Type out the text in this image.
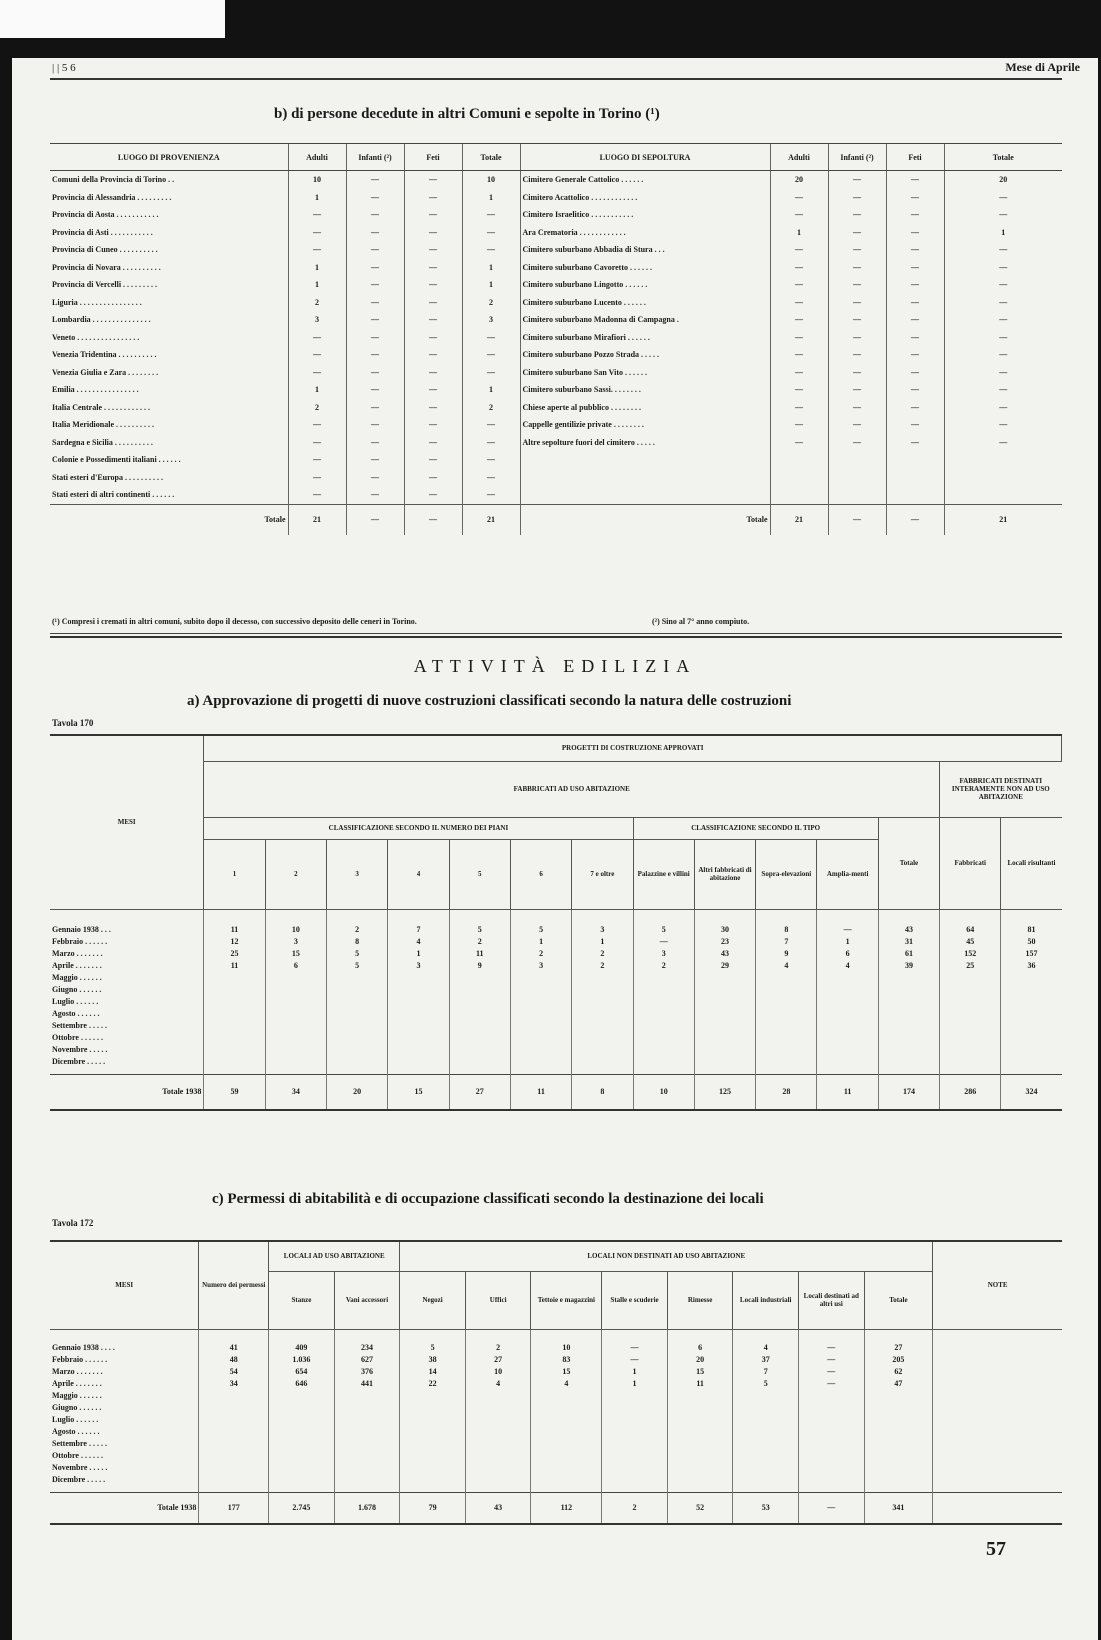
| | 5 6	Mese di Aprile
b) di persone decedute in altri Comuni e sepolte in Torino (¹)
LUOGO DI PROVENIENZA	Adulti	Infanti (²)	Feti	Totale	LUOGO DI SEPOLTURA	Adulti	Infanti (²)	Feti	Totale
Comuni della Provincia di Torino . .	10	—	—	10	Cimitero Generale Cattolico . . . . . .	20	—	—	20
Provincia di Alessandria . . . . . . . . .	1	—	—	1	Cimitero Acattolico . . . . . . . . . . . .	—	—	—	—
Provincia di Aosta . . . . . . . . . . .	—	—	—	—	Cimitero Israelitico . . . . . . . . . . .	—	—	—	—
Provincia di Asti . . . . . . . . . . .	—	—	—	—	Ara Crematoria . . . . . . . . . . . .	1	—	—	1
Provincia di Cuneo . . . . . . . . . .	—	—	—	—	Cimitero suburbano Abbadia di Stura . . .	—	—	—	—
Provincia di Novara . . . . . . . . . .	1	—	—	1	Cimitero suburbano Cavoretto . . . . . .	—	—	—	—
Provincia di Vercelli . . . . . . . . .	1	—	—	1	Cimitero suburbano Lingotto . . . . . .	—	—	—	—
Liguria . . . . . . . . . . . . . . . .	2	—	—	2	Cimitero suburbano Lucento . . . . . .	—	—	—	—
Lombardia . . . . . . . . . . . . . . .	3	—	—	3	Cimitero suburbano Madonna di Campagna .	—	—	—	—
Veneto . . . . . . . . . . . . . . . .	—	—	—	—	Cimitero suburbano Mirafiori . . . . . .	—	—	—	—
Venezia Tridentina . . . . . . . . . .	—	—	—	—	Cimitero suburbano Pozzo Strada . . . . .	—	—	—	—
Venezia Giulia e Zara . . . . . . . .	—	—	—	—	Cimitero suburbano San Vito . . . . . .	—	—	—	—
Emilia . . . . . . . . . . . . . . . .	1	—	—	1	Cimitero suburbano Sassi. . . . . . . .	—	—	—	—
Italia Centrale . . . . . . . . . . . .	2	—	—	2	Chiese aperte al pubblico . . . . . . . .	—	—	—	—
Italia Meridionale . . . . . . . . . .	—	—	—	—	Cappelle gentilizie private . . . . . . . .	—	—	—	—
Sardegna e Sicilia . . . . . . . . . .	—	—	—	—	Altre sepolture fuori del cimitero . . . . .	—	—	—	—
Colonie e Possedimenti italiani . . . . . .	—	—	—	—					
Stati esteri d'Europa . . . . . . . . . .	—	—	—	—					
Stati esteri di altri continenti . . . . . .	—	—	—	—					
Totale	21	—	—	21	Totale	21	—	—	21
(¹) Compresi i cremati in altri comuni, subito dopo il decesso, con successivo deposito delle ceneri in Torino.	(²) Sino al 7° anno compiuto.
ATTIVITÀ EDILIZIA
a) Approvazione di progetti di nuove costruzioni classificati secondo la natura delle costruzioni
Tavola 170
MESI	PROGETTI DI COSTRUZIONE APPROVATI													
	FABBRICATI AD USO ABITAZIONE												FABBRICATI DESTINATI INTERAMENTE NON AD USO ABITAZIONE	
	CLASSIFICAZIONE SECONDO IL NUMERO DEI PIANI							CLASSIFICAZIONE SECONDO IL TIPO				Totale	Fabbricati	Locali risultanti
	1	2	3	4	5	6	7 e oltre	Palazzine e villini	Altri fabbricati di abitazione	Sopra-elevazioni	Amplia-menti			
Gennaio 1938 . . .	11	10	2	7	5	5	3	5	30	8	—	43	64	81
Febbraio . . . . . .	12	3	8	4	2	1	1	—	23	7	1	31	45	50
Marzo . . . . . . .	25	15	5	1	11	2	2	3	43	9	6	61	152	157
Aprile . . . . . . .	11	6	5	3	9	3	2	2	29	4	4	39	25	36
Maggio . . . . . .														
Giugno . . . . . .														
Luglio . . . . . .														
Agosto . . . . . .														
Settembre . . . . .														
Ottobre . . . . . .														
Novembre . . . . .														
Dicembre . . . . .														

Totale 1938	59	34	20	15	27	11	8	10	125	28	11	174	286	324
c) Permessi di abitabilità e di occupazione classificati secondo la destinazione dei locali
Tavola 172
MESI	Numero dei permessi	LOCALI AD USO ABITAZIONE		LOCALI NON DESTINATI AD USO ABITAZIONE								NOTE
		Stanze	Vani accessori	Negozi	Uffici	Tettoie e magazzini	Stalle e scuderie	Rimesse	Locali industriali	Locali destinati ad altri usi	Totale	
Gennaio 1938 . . . .	41	409	234	5	2	10	—	6	4	—	27	
Febbraio . . . . . .	48	1.036	627	38	27	83	—	20	37	—	205	
Marzo . . . . . . .	54	654	376	14	10	15	1	15	7	—	62	
Aprile . . . . . . .	34	646	441	22	4	4	1	11	5	—	47	
Maggio . . . . . .												
Giugno . . . . . .												
Luglio . . . . . .												
Agosto . . . . . .												
Settembre . . . . .												
Ottobre . . . . . .												
Novembre . . . . .												
Dicembre . . . . .												

Totale 1938	177	2.745	1.678	79	43	112	2	52	53	—	341	
57
